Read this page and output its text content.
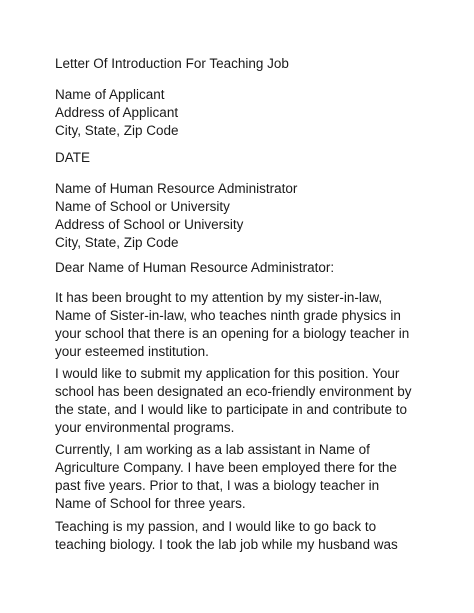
Letter Of Introduction For Teaching Job
Name of Applicant
Address of Applicant
City, State, Zip Code
DATE
Name of Human Resource Administrator
Name of School or University
Address of School or University
City, State, Zip Code
Dear Name of Human Resource Administrator:
It has been brought to my attention by my sister-in-law,
Name of Sister-in-law, who teaches ninth grade physics in
your school that there is an opening for a biology teacher in
your esteemed institution.
I would like to submit my application for this position. Your
school has been designated an eco-friendly environment by
the state, and I would like to participate in and contribute to
your environmental programs.
Currently, I am working as a lab assistant in Name of
Agriculture Company. I have been employed there for the
past five years. Prior to that, I was a biology teacher in
Name of School for three years.
Teaching is my passion, and I would like to go back to
teaching biology. I took the lab job while my husband was
